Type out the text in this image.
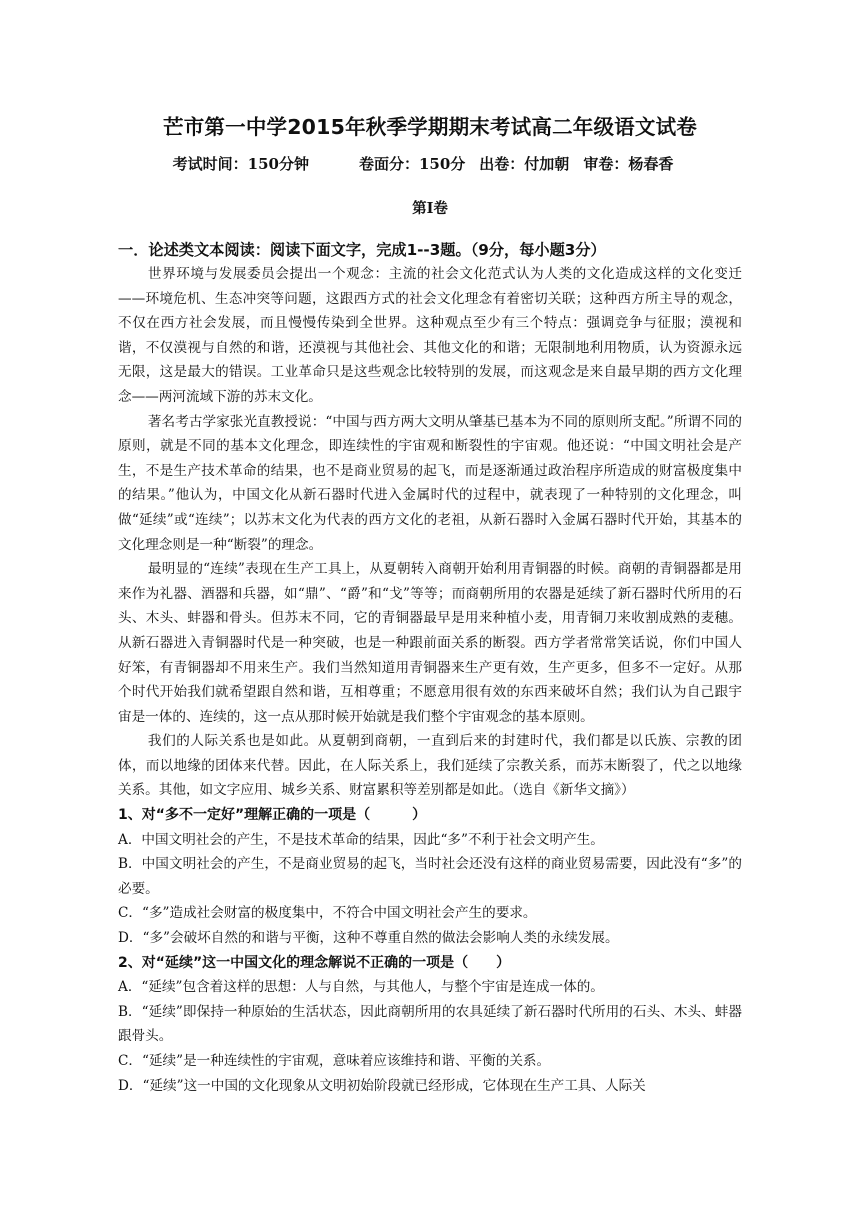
芒市第一中学2015年秋季学期期末考试高二年级语文试卷
考试时间：150分钟	卷面分：150分 出卷：付加朝 审卷：杨春香
第Ⅰ卷
一．论述类文本阅读：阅读下面文字，完成1--3题。（9分，每小题3分）

世界环境与发展委员会提出一个观念：主流的社会文化范式认为人类的文化造成这样的文化变迁——环境危机、生态冲突等问题，这跟西方式的社会文化理念有着密切关联；这种西方所主导的观念，不仅在西方社会发展，而且慢慢传染到全世界。这种观点至少有三个特点：强调竞争与征服；漠视和谐，不仅漠视与自然的和谐，还漠视与其他社会、其他文化的和谐；无限制地利用物质，认为资源永远无限，这是最大的错误。工业革命只是这些观念比较特别的发展，而这观念是来自最早期的西方文化理念——两河流域下游的苏末文化。

著名考古学家张光直教授说：“中国与西方两大文明从肇基已基本为不同的原则所支配。”所谓不同的原则，就是不同的基本文化理念，即连续性的宇宙观和断裂性的宇宙观。他还说：“中国文明社会是产生，不是生产技术革命的结果，也不是商业贸易的起飞，而是逐渐通过政治程序所造成的财富极度集中的结果。”他认为，中国文化从新石器时代进入金属时代的过程中，就表现了一种特别的文化理念，叫做“延续”或“连续”；以苏末文化为代表的西方文化的老祖，从新石器时入金属石器时代开始，其基本的文化理念则是一种“断裂”的理念。

最明显的“连续”表现在生产工具上，从夏朝转入商朝开始利用青铜器的时候。商朝的青铜器都是用来作为礼器、酒器和兵器，如“鼎”、“爵”和“戈”等等；而商朝所用的农器是延续了新石器时代所用的石头、木头、蚌器和骨头。但苏末不同，它的青铜器最早是用来种植小麦，用青铜刀来收割成熟的麦穗。从新石器进入青铜器时代是一种突破，也是一种跟前面关系的断裂。西方学者常常笑话说，你们中国人好笨，有青铜器却不用来生产。我们当然知道用青铜器来生产更有效，生产更多，但多不一定好。从那个时代开始我们就希望跟自然和谐，互相尊重；不愿意用很有效的东西来破坏自然；我们认为自己跟宇宙是一体的、连续的，这一点从那时候开始就是我们整个宇宙观念的基本原则。

我们的人际关系也是如此。从夏朝到商朝，一直到后来的封建时代，我们都是以氏族、宗教的团体，而以地缘的团体来代替。因此，在人际关系上，我们延续了宗教关系，而苏末断裂了，代之以地缘关系。其他，如文字应用、城乡关系、财富累积等差别都是如此。（选自《新华文摘》）

1、对“多不一定好”理解正确的一项是（　　　）
A．中国文明社会的产生，不是技术革命的结果，因此“多”不利于社会文明产生。
B．中国文明社会的产生，不是商业贸易的起飞，当时社会还没有这样的商业贸易需要，因此没有“多”的必要。
C．“多”造成社会财富的极度集中，不符合中国文明社会产生的要求。
D．“多”会破坏自然的和谐与平衡，这种不尊重自然的做法会影响人类的永续发展。
2、对“延续”这一中国文化的理念解说不正确的一项是（　　）
A．“延续”包含着这样的思想：人与自然，与其他人，与整个宇宙是连成一体的。
B．“延续”即保持一种原始的生活状态，因此商朝所用的农具延续了新石器时代所用的石头、木头、蚌器跟骨头。
C．“延续”是一种连续性的宇宙观，意味着应该维持和谐、平衡的关系。
D．“延续”这一中国的文化现象从文明初始阶段就已经形成，它体现在生产工具、人际关
